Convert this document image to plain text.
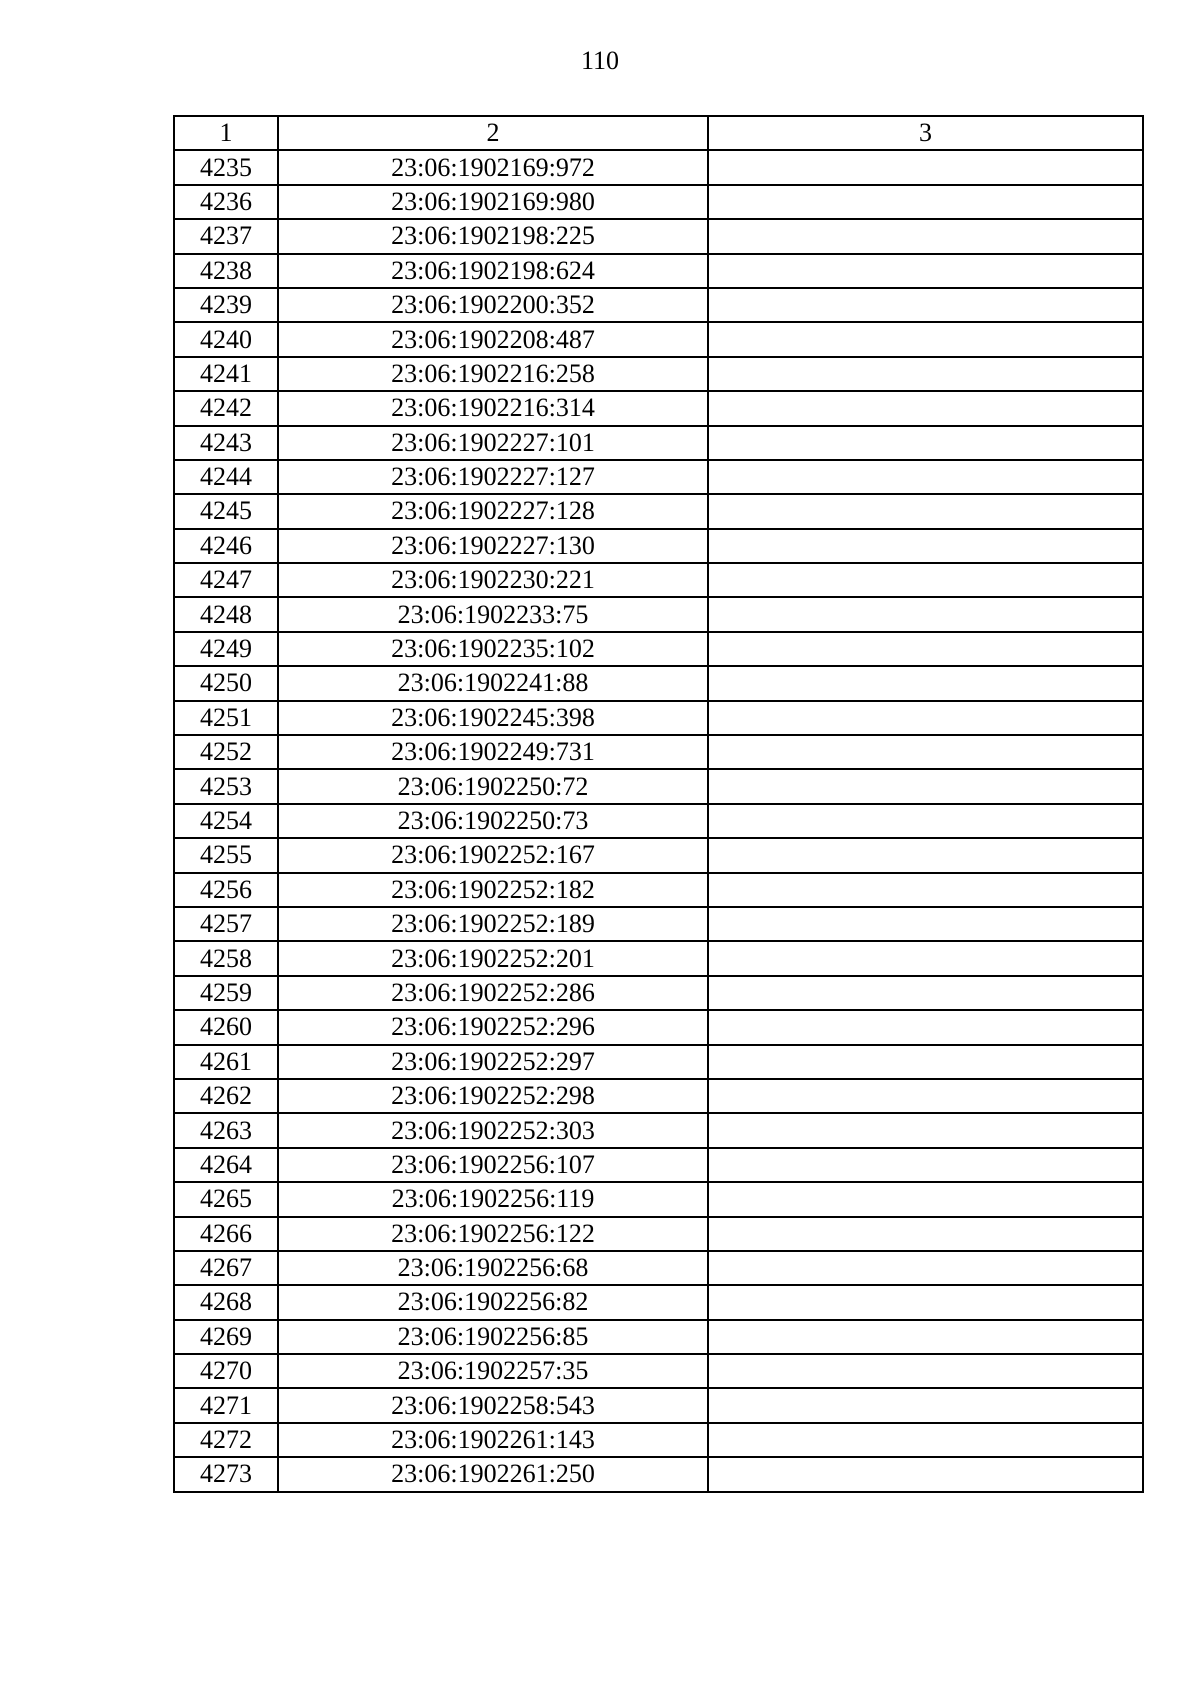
110
1	2	3
4235	23:06:1902169:972	
4236	23:06:1902169:980	
4237	23:06:1902198:225	
4238	23:06:1902198:624	
4239	23:06:1902200:352	
4240	23:06:1902208:487	
4241	23:06:1902216:258	
4242	23:06:1902216:314	
4243	23:06:1902227:101	
4244	23:06:1902227:127	
4245	23:06:1902227:128	
4246	23:06:1902227:130	
4247	23:06:1902230:221	
4248	23:06:1902233:75	
4249	23:06:1902235:102	
4250	23:06:1902241:88	
4251	23:06:1902245:398	
4252	23:06:1902249:731	
4253	23:06:1902250:72	
4254	23:06:1902250:73	
4255	23:06:1902252:167	
4256	23:06:1902252:182	
4257	23:06:1902252:189	
4258	23:06:1902252:201	
4259	23:06:1902252:286	
4260	23:06:1902252:296	
4261	23:06:1902252:297	
4262	23:06:1902252:298	
4263	23:06:1902252:303	
4264	23:06:1902256:107	
4265	23:06:1902256:119	
4266	23:06:1902256:122	
4267	23:06:1902256:68	
4268	23:06:1902256:82	
4269	23:06:1902256:85	
4270	23:06:1902257:35	
4271	23:06:1902258:543	
4272	23:06:1902261:143	
4273	23:06:1902261:250	
